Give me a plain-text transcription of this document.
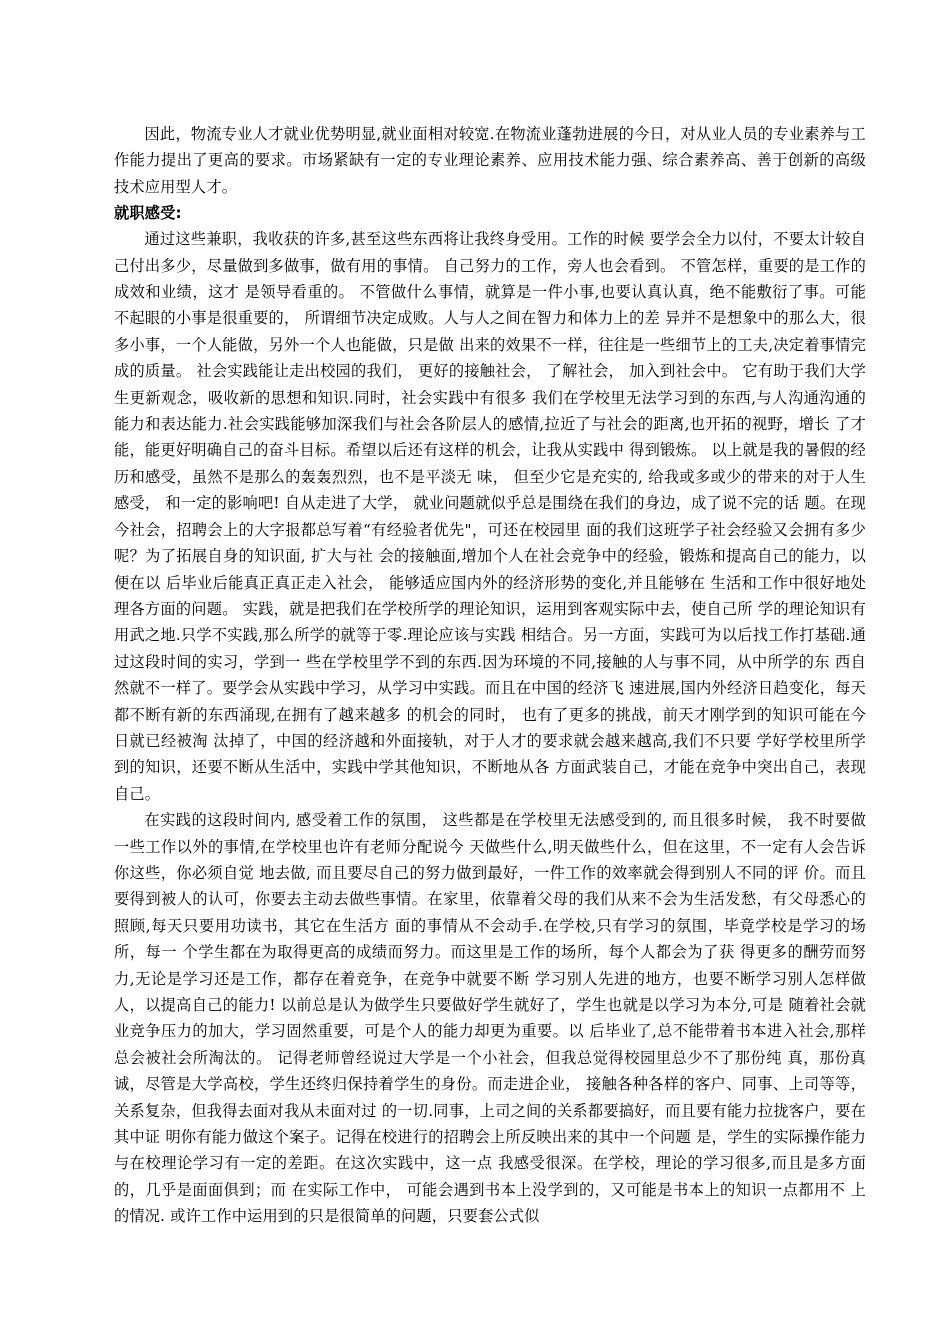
因此，物流专业人才就业优势明显,就业面相对较宽.在物流业蓬勃进展的今日，对从业人员的专业素养与工作能力提出了更高的要求。市场紧缺有一定的专业理论素养、应用技术能力强、综合素养高、善于创新的高级技术应用型人才。

就职感受:

通过这些兼职，我收获的许多,甚至这些东西将让我终身受用。工作的时候 要学会全力以付，不要太计较自己付出多少，尽量做到多做事，做有用的事情。 自己努力的工作，旁人也会看到。 不管怎样，重要的是工作的成效和业绩，这才 是领导看重的。 不管做什么事情，就算是一件小事,也要认真认真，绝不能敷衍了事。可能 不起眼的小事是很重要的， 所谓细节决定成败。人与人之间在智力和体力上的差 异并不是想象中的那么大，很多小事，一个人能做，另外一个人也能做，只是做 出来的效果不一样，往往是一些细节上的工夫,决定着事情完成的质量。 社会实践能让走出校园的我们， 更好的接触社会， 了解社会， 加入到社会中。 它有助于我们大学生更新观念，吸收新的思想和知识.同时，社会实践中有很多 我们在学校里无法学习到的东西,与人沟通沟通的能力和表达能力.社会实践能够加深我们与社会各阶层人的感情,拉近了与社会的距离,也开拓的视野，增长 了才能，能更好明确自己的奋斗目标。希望以后还有这样的机会，让我从实践中 得到锻炼。 以上就是我的暑假的经历和感受，虽然不是那么的轰轰烈烈，也不是平淡无 味， 但至少它是充实的, 给我或多或少的带来的对于人生感受， 和一定的影响吧! 自从走进了大学， 就业问题就似乎总是围绕在我们的身边，成了说不完的话 题。在现今社会，招聘会上的大字报都总写着“有经验者优先"，可还在校园里 面的我们这班学子社会经验又会拥有多少呢？为了拓展自身的知识面, 扩大与社 会的接触面,增加个人在社会竞争中的经验，锻炼和提高自己的能力，以便在以 后毕业后能真正真正走入社会， 能够适应国内外的经济形势的变化,并且能够在 生活和工作中很好地处理各方面的问题。 实践，就是把我们在学校所学的理论知识，运用到客观实际中去，使自己所 学的理论知识有用武之地.只学不实践,那么所学的就等于零.理论应该与实践 相结合。另一方面，实践可为以后找工作打基础.通过这段时间的实习，学到一 些在学校里学不到的东西.因为环境的不同,接触的人与事不同，从中所学的东 西自然就不一样了。要学会从实践中学习，从学习中实践。而且在中国的经济飞 速进展,国内外经济日趋变化，每天都不断有新的东西涌现,在拥有了越来越多 的机会的同时， 也有了更多的挑战，前天才刚学到的知识可能在今日就已经被淘 汰掉了，中国的经济越和外面接轨，对于人才的要求就会越来越高,我们不只要 学好学校里所学到的知识，还要不断从生活中，实践中学其他知识，不断地从各 方面武装自己，才能在竞争中突出自己，表现自己。

在实践的这段时间内, 感受着工作的氛围， 这些都是在学校里无法感受到的, 而且很多时候， 我不时要做一些工作以外的事情,在学校里也许有老师分配说今 天做些什么,明天做些什么，但在这里，不一定有人会告诉你这些，你必须自觉 地去做, 而且要尽自己的努力做到最好，一件工作的效率就会得到别人不同的评 价。而且要得到被人的认可，你要去主动去做些事情。在家里，依靠着父母的我们从来不会为生活发愁，有父母悉心的照顾,每天只要用功读书，其它在生活方 面的事情从不会动手.在学校,只有学习的氛围，毕竟学校是学习的场所，每一 个学生都在为取得更高的成绩而努力。而这里是工作的场所，每个人都会为了获 得更多的酬劳而努力,无论是学习还是工作，都存在着竞争，在竞争中就要不断 学习别人先进的地方，也要不断学习别人怎样做人，以提高自己的能力! 以前总是认为做学生只要做好学生就好了，学生也就是以学习为本分,可是 随着社会就业竞争压力的加大，学习固然重要，可是个人的能力却更为重要。以 后毕业了,总不能带着书本进入社会,那样总会被社会所淘汰的。 记得老师曾经说过大学是一个小社会，但我总觉得校园里总少不了那份纯 真，那份真诚，尽管是大学高校，学生还终归保持着学生的身份。而走进企业， 接触各种各样的客户、同事、上司等等，关系复杂，但我得去面对我从未面对过 的一切.同事，上司之间的关系都要搞好，而且要有能力拉拢客户，要在其中证 明你有能力做这个案子。记得在校进行的招聘会上所反映出来的其中一个问题 是，学生的实际操作能力与在校理论学习有一定的差距。在这次实践中，这一点 我感受很深。在学校，理论的学习很多,而且是多方面的，几乎是面面俱到；而 在实际工作中， 可能会遇到书本上没学到的，又可能是书本上的知识一点都用不 上的情况. 或许工作中运用到的只是很简单的问题，只要套公式似
